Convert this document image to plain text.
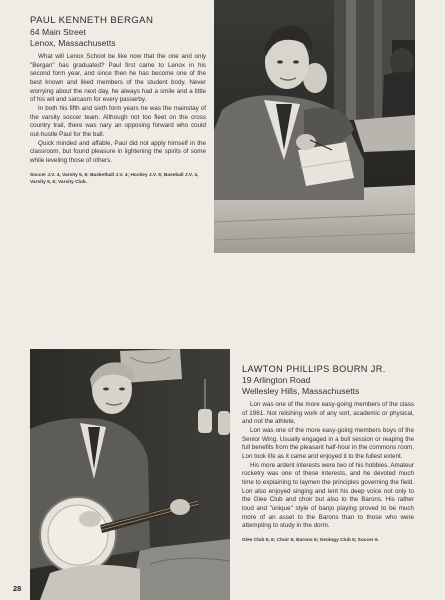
PAUL KENNETH BERGAN
64 Main Street
Lenox, Massachusetts

What will Lenox School be like now that the one and only "Bergan" has graduated? Paul first came to Lenox in his second form year, and since then he has become one of the best known and liked members of the student body. Never worrying about the next day, he always had a smile and a little of his wit and sarcasm for every passerby.

In both his fifth and sixth form years he was the mainstay of the varsity soccer team. Although not too fleet on the cross country trail, there was nary an opposing forward who could out-hustle Paul for the ball.

Quick minded and affable, Paul did not apply himself in the classroom, but found pleasure in lightening the spirits of some while leveling those of others.

Soccer J.V. 4, Varsity 5, 6; Basketball J.V. 4; Hockey J.V. 5; Baseball J.V. 4, Varsity 5, 6; Varsity Club.
LAWTON PHILLIPS BOURN JR.
19 Arlington Road
Wellesley Hills, Massachusetts

Lon was one of the more easy-going members of the class of 1961. Not relishing work of any sort, academic or physical, and not the athlete,

Lon was one of the more easy-going members boys of the Senior Wing. Usually engaged in a bull session or reaping the full benefits from the pleasant half-hour in the commons room, Lon took life as it came and enjoyed it to the fullest extent.

His more ardent interests were two of his hobbies. Amateur rocketry was one of these interests, and he devoted much time to explaining to laymen the principles governing the field. Lon also enjoyed singing and lent his deep voice not only to the Glee Club and choir but also to the Barons. His rather loud and "unique" style of banjo playing proved to be much more of an asset to the Barons than to those who were attempting to study in the dorm.

Glee Club 5, 6; Choir 6; Barons 6; Geology Club 5; Soccer 6.
28
